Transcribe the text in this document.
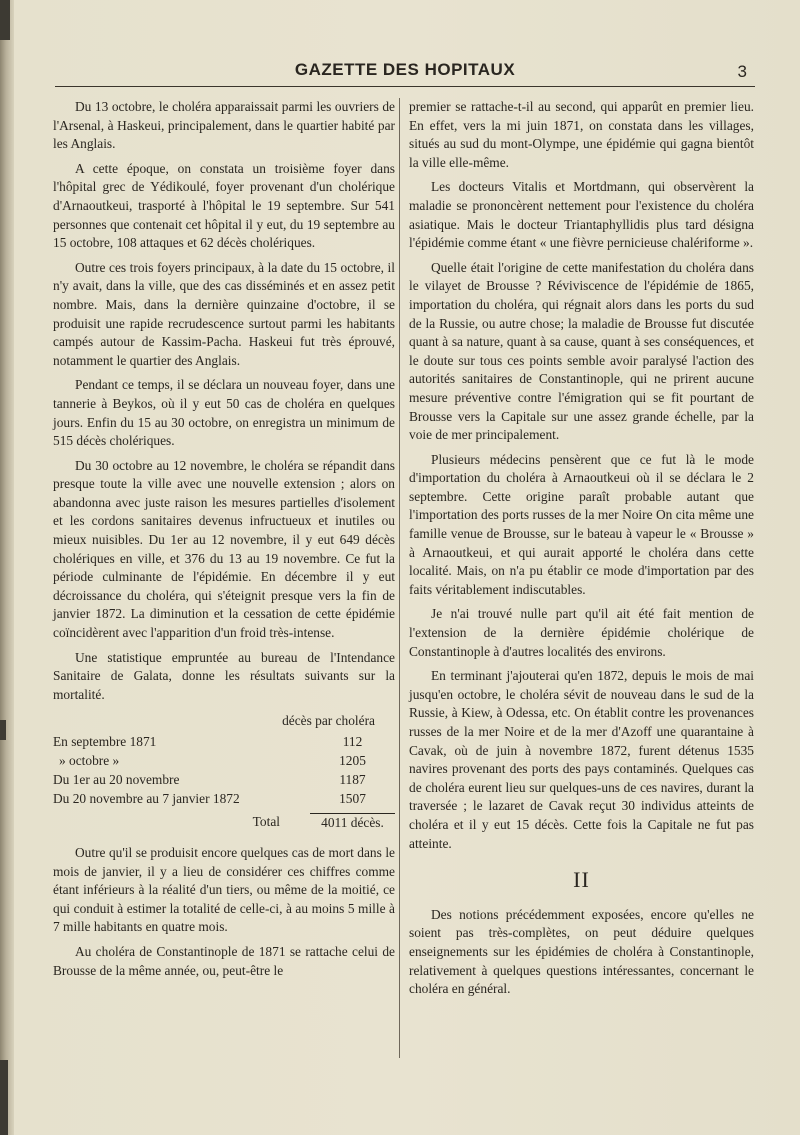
GAZETTE DES HOPITAUX	3

Du 13 octobre, le choléra apparaissait parmi les ouvriers de l'Arsenal, à Haskeui, principalement, dans le quartier habité par les Anglais.

A cette époque, on constata un troisième foyer dans l'hôpital grec de Yédikoulé, foyer provenant d'un cholérique d'Arnaoutkeui, trasporté à l'hôpital le 19 septembre. Sur 541 personnes que contenait cet hôpital il y eut, du 19 septembre au 15 octobre, 108 attaques et 62 décès cholériques.

Outre ces trois foyers principaux, à la date du 15 octobre, il n'y avait, dans la ville, que des cas disséminés et en assez petit nombre. Mais, dans la dernière quinzaine d'octobre, il se produisit une rapide recrudescence surtout parmi les habitants campés autour de Kassim-Pacha. Haskeui fut très éprouvé, notamment le quartier des Anglais.

Pendant ce temps, il se déclara un nouveau foyer, dans une tannerie à Beykos, où il y eut 50 cas de choléra en quelques jours. Enfin du 15 au 30 octobre, on enregistra un minimum de 515 décès cholériques.

Du 30 octobre au 12 novembre, le choléra se répandit dans presque toute la ville avec une nouvelle extension ; alors on abandonna avec juste raison les mesures partielles d'isolement et les cordons sanitaires devenus infructueux et inutiles ou mieux nuisibles. Du 1er au 12 novembre, il y eut 649 décès cholériques en ville, et 376 du 13 au 19 novembre. Ce fut la période culminante de l'épidémie. En décembre il y eut décroissance du choléra, qui s'éteignit presque vers la fin de janvier 1872. La diminution et la cessation de cette épidémie coïncidèrent avec l'apparition d'un froid très-intense.

Une statistique empruntée au bureau de l'Intendance Sanitaire de Galata, donne les résultats suivants sur la mortalité.

décès par choléra
En septembre 1871	112
» octobre »	1205
Du 1er au 20 novembre	1187
Du 20 novembre au 7 janvier 1872	1507
Total	4011 décès.

Outre qu'il se produisit encore quelques cas de mort dans le mois de janvier, il y a lieu de considérer ces chiffres comme étant inférieurs à la réalité d'un tiers, ou même de la moitié, ce qui conduit à estimer la totalité de celle-ci, à au moins 5 mille à 7 mille habitants en quatre mois.

Au choléra de Constantinople de 1871 se rattache celui de Brousse de la même année, ou, peut-être le

premier se rattache-t-il au second, qui apparût en premier lieu. En effet, vers la mi juin 1871, on constata dans les villages, situés au sud du mont-Olympe, une épidémie qui gagna bientôt la ville elle-même.

Les docteurs Vitalis et Mortdmann, qui observèrent la maladie se prononcèrent nettement pour l'existence du choléra asiatique. Mais le docteur Triantaphyllidis plus tard désigna l'épidémie comme étant « une fièvre pernicieuse chalériforme ».

Quelle était l'origine de cette manifestation du choléra dans le vilayet de Brousse ? Réviviscence de l'épidémie de 1865, importation du choléra, qui régnait alors dans les ports du sud de la Russie, ou autre chose; la maladie de Brousse fut discutée quant à sa nature, quant à sa cause, quant à ses conséquences, et le doute sur tous ces points semble avoir paralysé l'action des autorités sanitaires de Constantinople, qui ne prirent aucune mesure préventive contre l'émigration qui se fit pourtant de Brousse vers la Capitale sur une assez grande échelle, par la voie de mer principalement.

Plusieurs médecins pensèrent que ce fut là le mode d'importation du choléra à Arnaoutkeui où il se déclara le 2 septembre. Cette origine paraît probable autant que l'importation des ports russes de la mer Noire On cita même une famille venue de Brousse, sur le bateau à vapeur le « Brousse » à Arnaoutkeui, et qui aurait apporté le choléra dans cette localité. Mais, on n'a pu établir ce mode d'importation par des faits véritablement indiscutables.

Je n'ai trouvé nulle part qu'il ait été fait mention de l'extension de la dernière épidémie cholérique de Constantinople à d'autres localités des environs.

En terminant j'ajouterai qu'en 1872, depuis le mois de mai jusqu'en octobre, le choléra sévit de nouveau dans le sud de la Russie, à Kiew, à Odessa, etc. On établit contre les provenances russes de la mer Noire et de la mer d'Azoff une quarantaine à Cavak, où de juin à novembre 1872, furent détenus 1535 navires provenant des ports des pays contaminés. Quelques cas de choléra eurent lieu sur quelques-uns de ces navires, durant la traversée ; le lazaret de Cavak reçut 30 individus atteints de choléra et il y eut 15 décès. Cette fois la Capitale ne fut pas atteinte.

II

Des notions précédemment exposées, encore qu'elles ne soient pas très-complètes, on peut déduire quelques enseignements sur les épidémies de choléra à Constantinople, relativement à quelques questions intéressantes, concernant le choléra en général.
